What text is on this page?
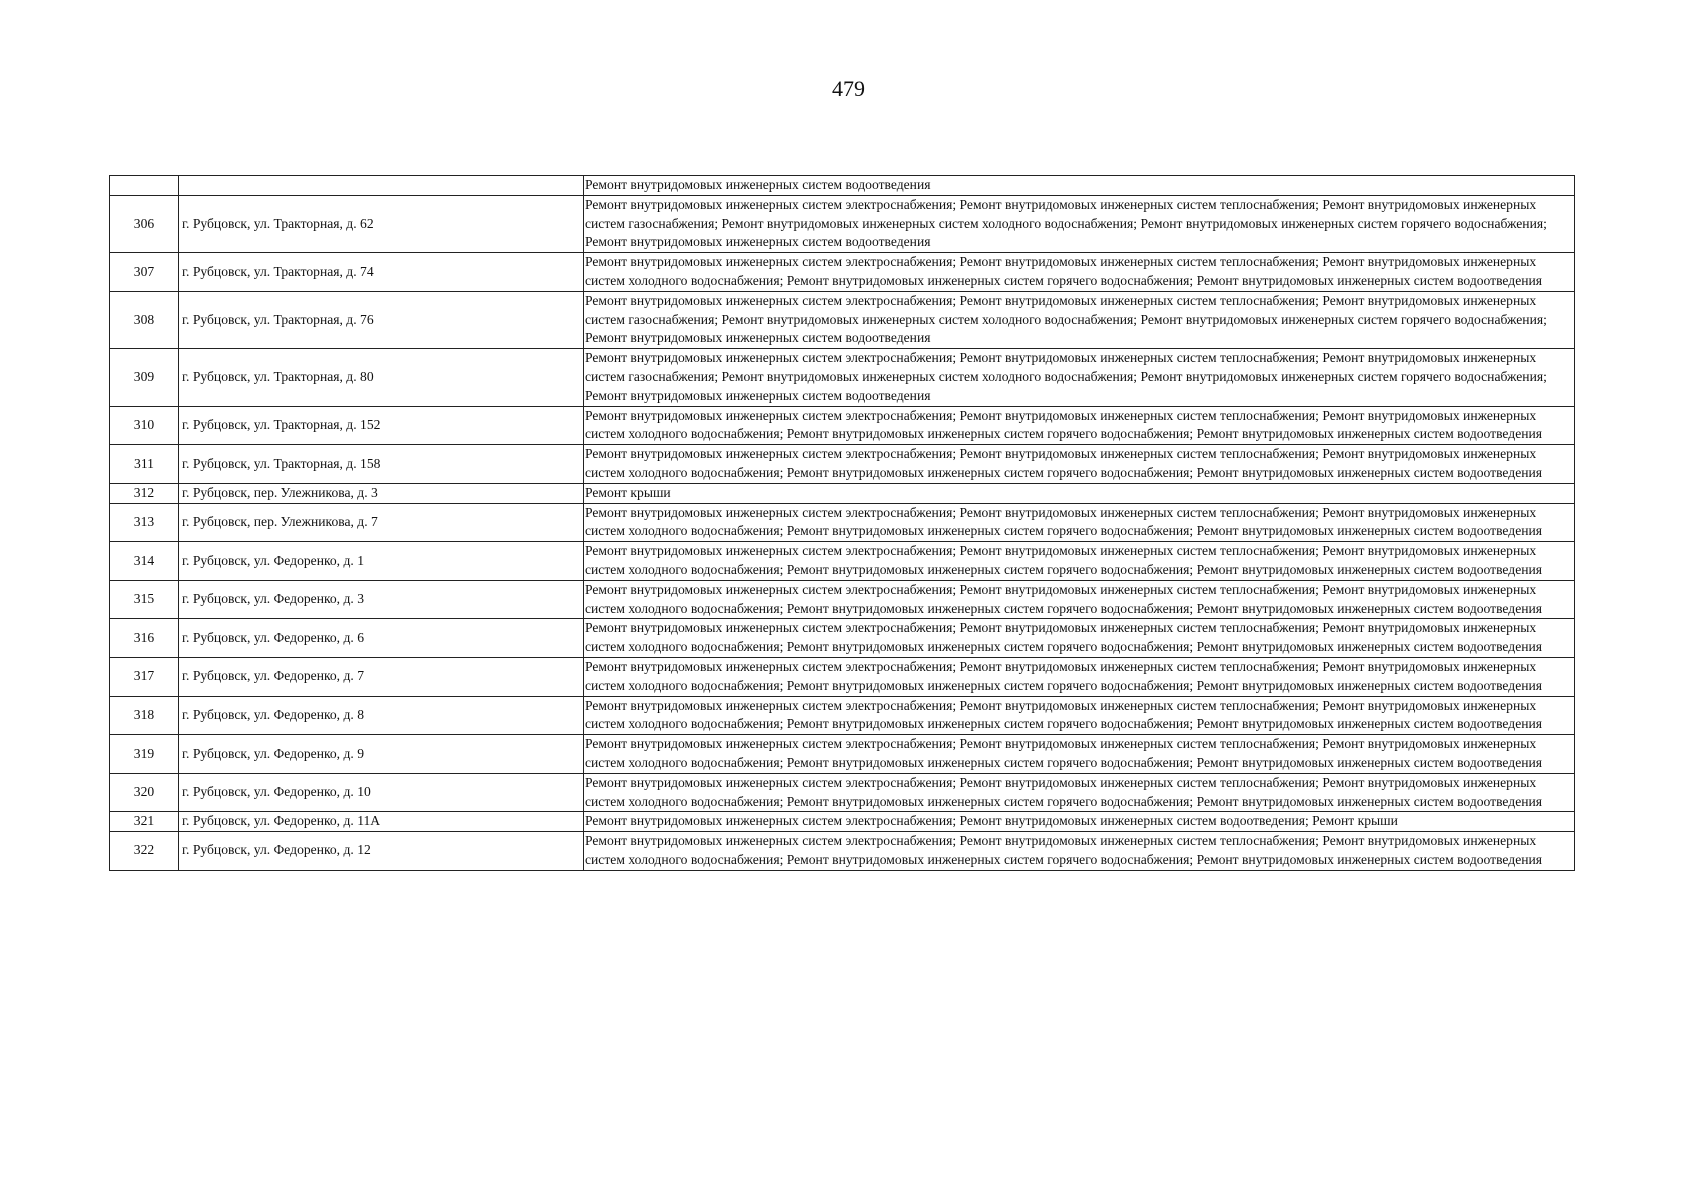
479
		Ремонт внутридомовых инженерных систем водоотведения
306	г. Рубцовск, ул. Тракторная, д. 62	Ремонт внутридомовых инженерных систем электроснабжения; Ремонт внутридомовых инженерных систем теплоснабжения; Ремонт внутридомовых инженерных систем газоснабжения; Ремонт внутридомовых инженерных систем холодного водоснабжения; Ремонт внутридомовых инженерных систем горячего водоснабжения; Ремонт внутридомовых инженерных систем водоотведения
307	г. Рубцовск, ул. Тракторная, д. 74	Ремонт внутридомовых инженерных систем электроснабжения; Ремонт внутридомовых инженерных систем теплоснабжения; Ремонт внутридомовых инженерных систем холодного водоснабжения; Ремонт внутридомовых инженерных систем горячего водоснабжения; Ремонт внутридомовых инженерных систем водоотведения
308	г. Рубцовск, ул. Тракторная, д. 76	Ремонт внутридомовых инженерных систем электроснабжения; Ремонт внутридомовых инженерных систем теплоснабжения; Ремонт внутридомовых инженерных систем газоснабжения; Ремонт внутридомовых инженерных систем холодного водоснабжения; Ремонт внутридомовых инженерных систем горячего водоснабжения; Ремонт внутридомовых инженерных систем водоотведения
309	г. Рубцовск, ул. Тракторная, д. 80	Ремонт внутридомовых инженерных систем электроснабжения; Ремонт внутридомовых инженерных систем теплоснабжения; Ремонт внутридомовых инженерных систем газоснабжения; Ремонт внутридомовых инженерных систем холодного водоснабжения; Ремонт внутридомовых инженерных систем горячего водоснабжения; Ремонт внутридомовых инженерных систем водоотведения
310	г. Рубцовск, ул. Тракторная, д. 152	Ремонт внутридомовых инженерных систем электроснабжения; Ремонт внутридомовых инженерных систем теплоснабжения; Ремонт внутридомовых инженерных систем холодного водоснабжения; Ремонт внутридомовых инженерных систем горячего водоснабжения; Ремонт внутридомовых инженерных систем водоотведения
311	г. Рубцовск, ул. Тракторная, д. 158	Ремонт внутридомовых инженерных систем электроснабжения; Ремонт внутридомовых инженерных систем теплоснабжения; Ремонт внутридомовых инженерных систем холодного водоснабжения; Ремонт внутридомовых инженерных систем горячего водоснабжения; Ремонт внутридомовых инженерных систем водоотведения
312	г. Рубцовск, пер. Улежникова, д. 3	Ремонт крыши
313	г. Рубцовск, пер. Улежникова, д. 7	Ремонт внутридомовых инженерных систем электроснабжения; Ремонт внутридомовых инженерных систем теплоснабжения; Ремонт внутридомовых инженерных систем холодного водоснабжения; Ремонт внутридомовых инженерных систем горячего водоснабжения; Ремонт внутридомовых инженерных систем водоотведения
314	г. Рубцовск, ул. Федоренко, д. 1	Ремонт внутридомовых инженерных систем электроснабжения; Ремонт внутридомовых инженерных систем теплоснабжения; Ремонт внутридомовых инженерных систем холодного водоснабжения; Ремонт внутридомовых инженерных систем горячего водоснабжения; Ремонт внутридомовых инженерных систем водоотведения
315	г. Рубцовск, ул. Федоренко, д. 3	Ремонт внутридомовых инженерных систем электроснабжения; Ремонт внутридомовых инженерных систем теплоснабжения; Ремонт внутридомовых инженерных систем холодного водоснабжения; Ремонт внутридомовых инженерных систем горячего водоснабжения; Ремонт внутридомовых инженерных систем водоотведения
316	г. Рубцовск, ул. Федоренко, д. 6	Ремонт внутридомовых инженерных систем электроснабжения; Ремонт внутридомовых инженерных систем теплоснабжения; Ремонт внутридомовых инженерных систем холодного водоснабжения; Ремонт внутридомовых инженерных систем горячего водоснабжения; Ремонт внутридомовых инженерных систем водоотведения
317	г. Рубцовск, ул. Федоренко, д. 7	Ремонт внутридомовых инженерных систем электроснабжения; Ремонт внутридомовых инженерных систем теплоснабжения; Ремонт внутридомовых инженерных систем холодного водоснабжения; Ремонт внутридомовых инженерных систем горячего водоснабжения; Ремонт внутридомовых инженерных систем водоотведения
318	г. Рубцовск, ул. Федоренко, д. 8	Ремонт внутридомовых инженерных систем электроснабжения; Ремонт внутридомовых инженерных систем теплоснабжения; Ремонт внутридомовых инженерных систем холодного водоснабжения; Ремонт внутридомовых инженерных систем горячего водоснабжения; Ремонт внутридомовых инженерных систем водоотведения
319	г. Рубцовск, ул. Федоренко, д. 9	Ремонт внутридомовых инженерных систем электроснабжения; Ремонт внутридомовых инженерных систем теплоснабжения; Ремонт внутридомовых инженерных систем холодного водоснабжения; Ремонт внутридомовых инженерных систем горячего водоснабжения; Ремонт внутридомовых инженерных систем водоотведения
320	г. Рубцовск, ул. Федоренко, д. 10	Ремонт внутридомовых инженерных систем электроснабжения; Ремонт внутридомовых инженерных систем теплоснабжения; Ремонт внутридомовых инженерных систем холодного водоснабжения; Ремонт внутридомовых инженерных систем горячего водоснабжения; Ремонт внутридомовых инженерных систем водоотведения
321	г. Рубцовск, ул. Федоренко, д. 11А	Ремонт внутридомовых инженерных систем электроснабжения; Ремонт внутридомовых инженерных систем водоотведения; Ремонт крыши
322	г. Рубцовск, ул. Федоренко, д. 12	Ремонт внутридомовых инженерных систем электроснабжения; Ремонт внутридомовых инженерных систем теплоснабжения; Ремонт внутридомовых инженерных систем холодного водоснабжения; Ремонт внутридомовых инженерных систем горячего водоснабжения; Ремонт внутридомовых инженерных систем водоотведения
